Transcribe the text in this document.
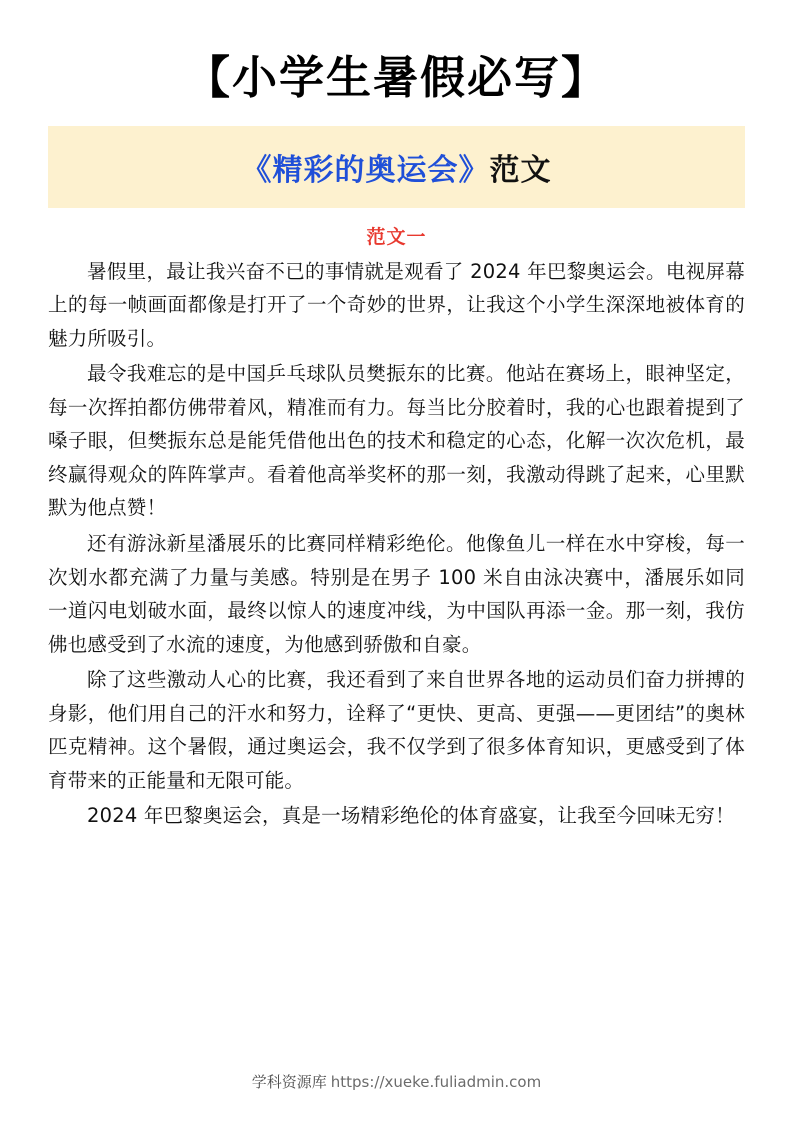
【小学生暑假必写】
《精彩的奥运会》范文
范文一

暑假里，最让我兴奋不已的事情就是观看了 2024 年巴黎奥运会。电视屏幕上的每一帧画面都像是打开了一个奇妙的世界，让我这个小学生深深地被体育的魅力所吸引。

最令我难忘的是中国乒乓球队员樊振东的比赛。他站在赛场上，眼神坚定，每一次挥拍都仿佛带着风，精准而有力。每当比分胶着时，我的心也跟着提到了嗓子眼，但樊振东总是能凭借他出色的技术和稳定的心态，化解一次次危机，最终赢得观众的阵阵掌声。看着他高举奖杯的那一刻，我激动得跳了起来，心里默默为他点赞！

还有游泳新星潘展乐的比赛同样精彩绝伦。他像鱼儿一样在水中穿梭，每一次划水都充满了力量与美感。特别是在男子 100 米自由泳决赛中，潘展乐如同一道闪电划破水面，最终以惊人的速度冲线，为中国队再添一金。那一刻，我仿佛也感受到了水流的速度，为他感到骄傲和自豪。

除了这些激动人心的比赛，我还看到了来自世界各地的运动员们奋力拼搏的身影，他们用自己的汗水和努力，诠释了“更快、更高、更强——更团结”的奥林匹克精神。这个暑假，通过奥运会，我不仅学到了很多体育知识，更感受到了体育带来的正能量和无限可能。

2024 年巴黎奥运会，真是一场精彩绝伦的体育盛宴，让我至今回味无穷！

学科资源库 https://xueke.fuliadmin.com
